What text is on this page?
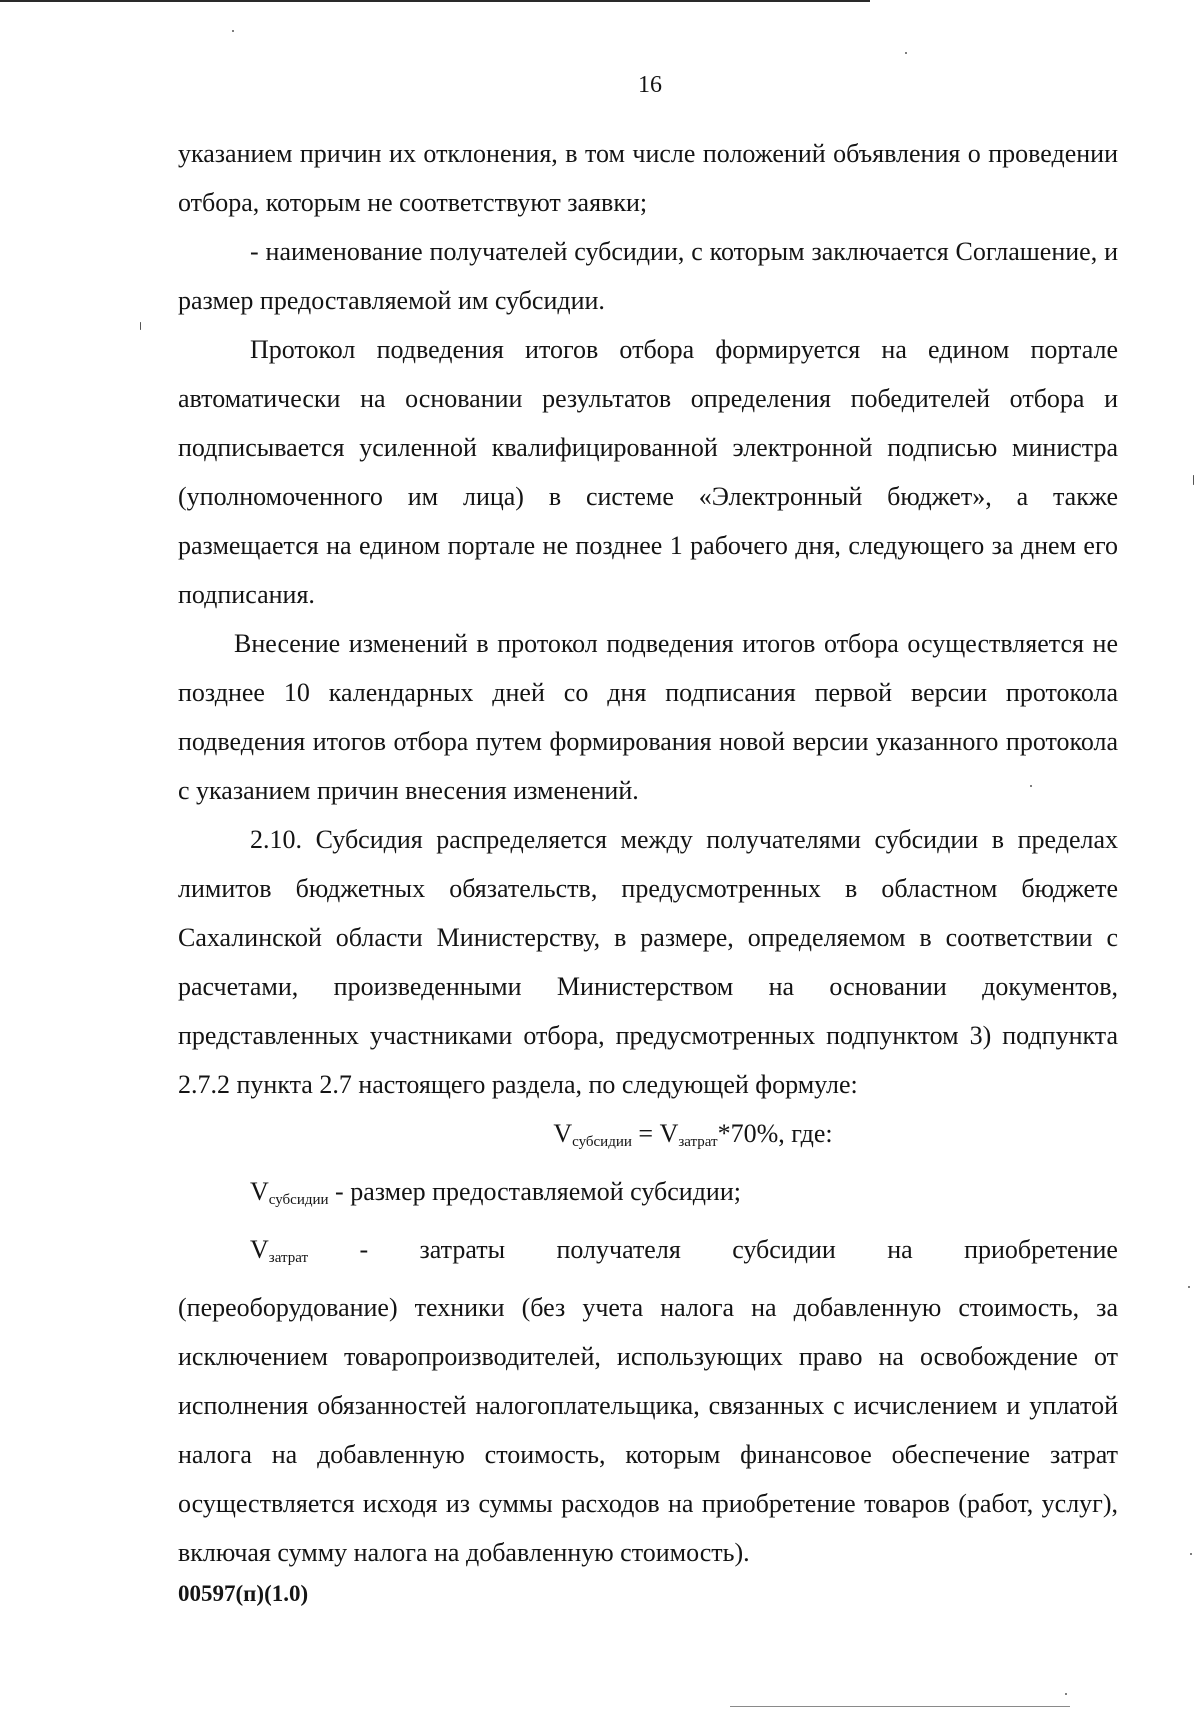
16

указанием причин их отклонения, в том числе положений объявления о проведении отбора, которым не соответствуют заявки;

- наименование получателей субсидии, с которым заключается Соглашение, и размер предоставляемой им субсидии.

Протокол подведения итогов отбора формируется на едином портале автоматически на основании результатов определения победителей отбора и подписывается усиленной квалифицированной электронной подписью министра (уполномоченного им лица) в системе «Электронный бюджет», а также размещается на едином портале не позднее 1 рабочего дня, следующего за днем его подписания.

Внесение изменений в протокол подведения итогов отбора осуществляется не позднее 10 календарных дней со дня подписания первой версии протокола подведения итогов отбора путем формирования новой версии указанного протокола с указанием причин внесения изменений.

2.10. Субсидия распределяется между получателями субсидии в пределах лимитов бюджетных обязательств, предусмотренных в областном бюджете Сахалинской области Министерству, в размере, определяемом в соответствии с расчетами, произведенными Министерством на основании документов, представленных участниками отбора, предусмотренных подпунктом 3) подпункта 2.7.2 пункта 2.7 настоящего раздела, по следующей формуле:

$V_{субсидии} = V_{затрат}*70\%$, где:

$V_{субсидии}$ - размер предоставляемой субсидии;

$V_{затрат}$ - затраты получателя субсидии на приобретение

(переоборудование) техники (без учета налога на добавленную стоимость, за исключением товаропроизводителей, использующих право на освобождение от исполнения обязанностей налогоплательщика, связанных с исчислением и уплатой налога на добавленную стоимость, которым финансовое обеспечение затрат осуществляется исходя из суммы расходов на приобретение товаров (работ, услуг), включая сумму налога на добавленную стоимость).

00597(п)(1.0)
